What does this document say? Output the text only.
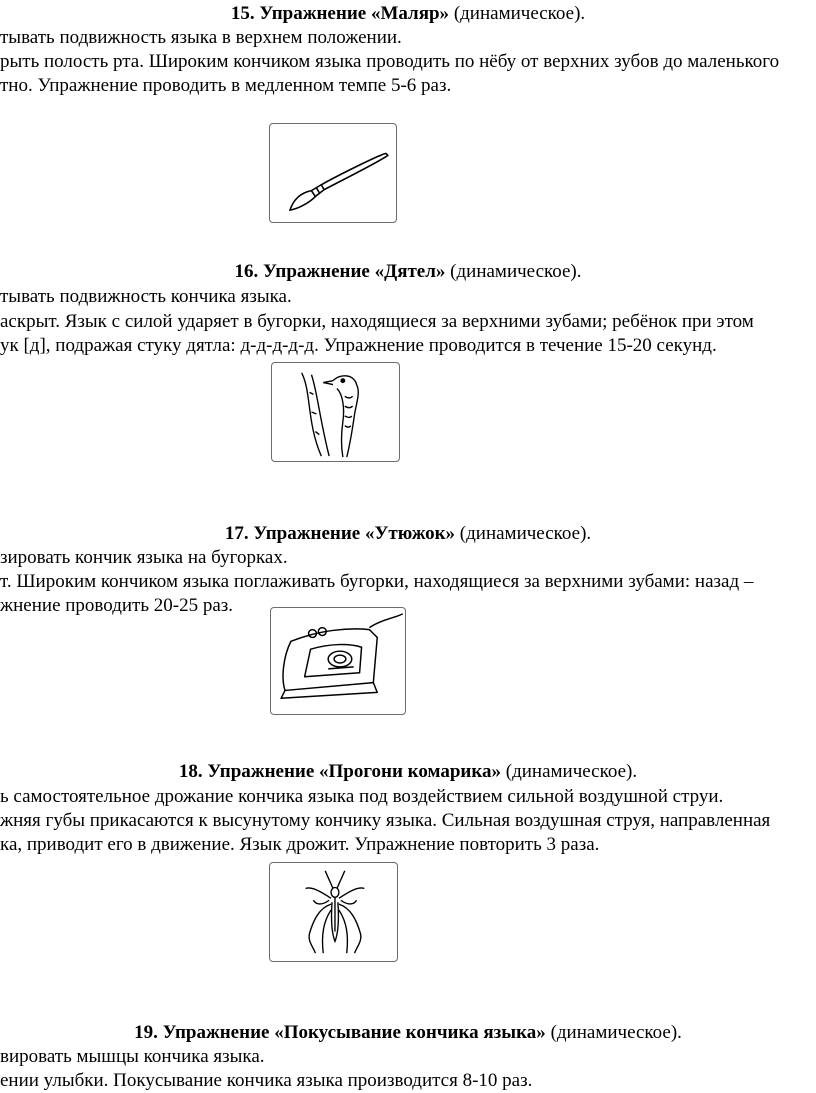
15. Упражнение «Маляр» (динамическое).
тывать подвижность языка в верхнем положении.
рыть полость рта. Широким кончиком языка проводить по нёбу от верхних зубов до маленького
тно. Упражнение проводить в медленном темпе 5-6 раз.
16. Упражнение «Дятел» (динамическое).
тывать подвижность кончика языка.
аскрыт. Язык с силой ударяет в бугорки, находящиеся за верхними зубами; ребёнок при этом
ук [д], подражая стуку дятла: д-д-д-д-д. Упражнение проводится в течение 15-20 секунд.
17. Упражнение «Утюжок» (динамическое).
зировать кончик языка на бугорках.
т. Широким кончиком языка поглаживать бугорки, находящиеся за верхними зубами: назад –
жнение проводить 20-25 раз.
18. Упражнение «Прогони комарика» (динамическое).
ь самостоятельное дрожание кончика языка под воздействием сильной воздушной струи.
жняя губы прикасаются к высунутому кончику языка. Сильная воздушная струя, направленная
ка, приводит его в движение. Язык дрожит. Упражнение повторить 3 раза.
19. Упражнение «Покусывание кончика языка» (динамическое).
вировать мышцы кончика языка.
ении улыбки. Покусывание кончика языка производится 8-10 раз.
